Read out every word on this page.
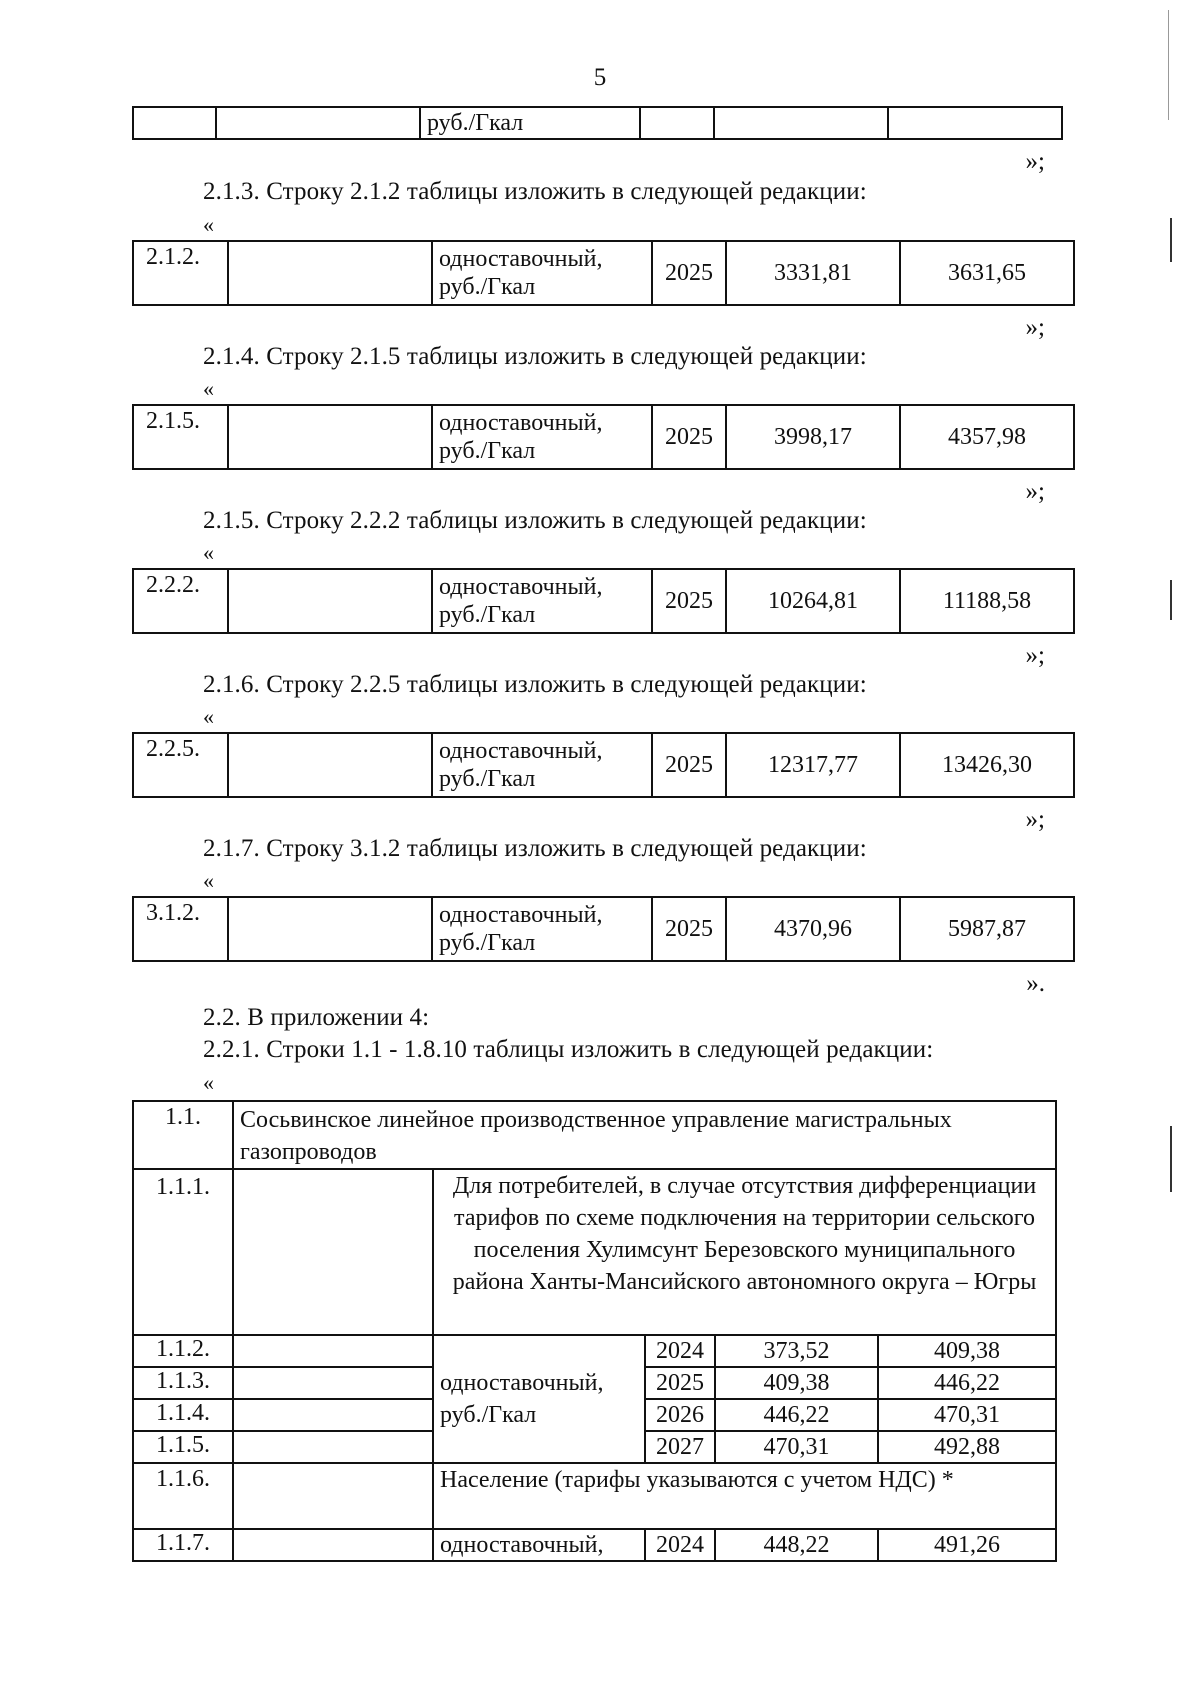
5
		руб./Гкал			
»;
2.1.3. Строку 2.1.2 таблицы изложить в следующей редакции:
«
2.1.2.		одноставочный, руб./Гкал	2025	3331,81	3631,65
»;
2.1.4. Строку 2.1.5 таблицы изложить в следующей редакции:
«
2.1.5.		одноставочный, руб./Гкал	2025	3998,17	4357,98
»;
2.1.5. Строку 2.2.2 таблицы изложить в следующей редакции:
«
2.2.2.		одноставочный, руб./Гкал	2025	10264,81	11188,58
»;
2.1.6. Строку 2.2.5 таблицы изложить в следующей редакции:
«
2.2.5.		одноставочный, руб./Гкал	2025	12317,77	13426,30
»;
2.1.7. Строку 3.1.2 таблицы изложить в следующей редакции:
«
3.1.2.		одноставочный, руб./Гкал	2025	4370,96	5987,87
».
2.2. В приложении 4:
2.2.1. Строки 1.1 - 1.8.10 таблицы изложить в следующей редакции:
«
1.1.	Сосьвинское линейное производственное управление магистральных газопроводов				
1.1.1.		Для потребителей, в случае отсутствия дифференциации тарифов по схеме подключения на территории сельского поселения Хулимсунт Березовского муниципального района Ханты-Мансийского автономного округа – Югры			
1.1.2.		одноставочный, руб./Гкал	2024	373,52	409,38
1.1.3.			2025	409,38	446,22
1.1.4.			2026	446,22	470,31
1.1.5.			2027	470,31	492,88
1.1.6.		Население (тарифы указываются с учетом НДС) *			
1.1.7.		одноставочный,	2024	448,22	491,26
